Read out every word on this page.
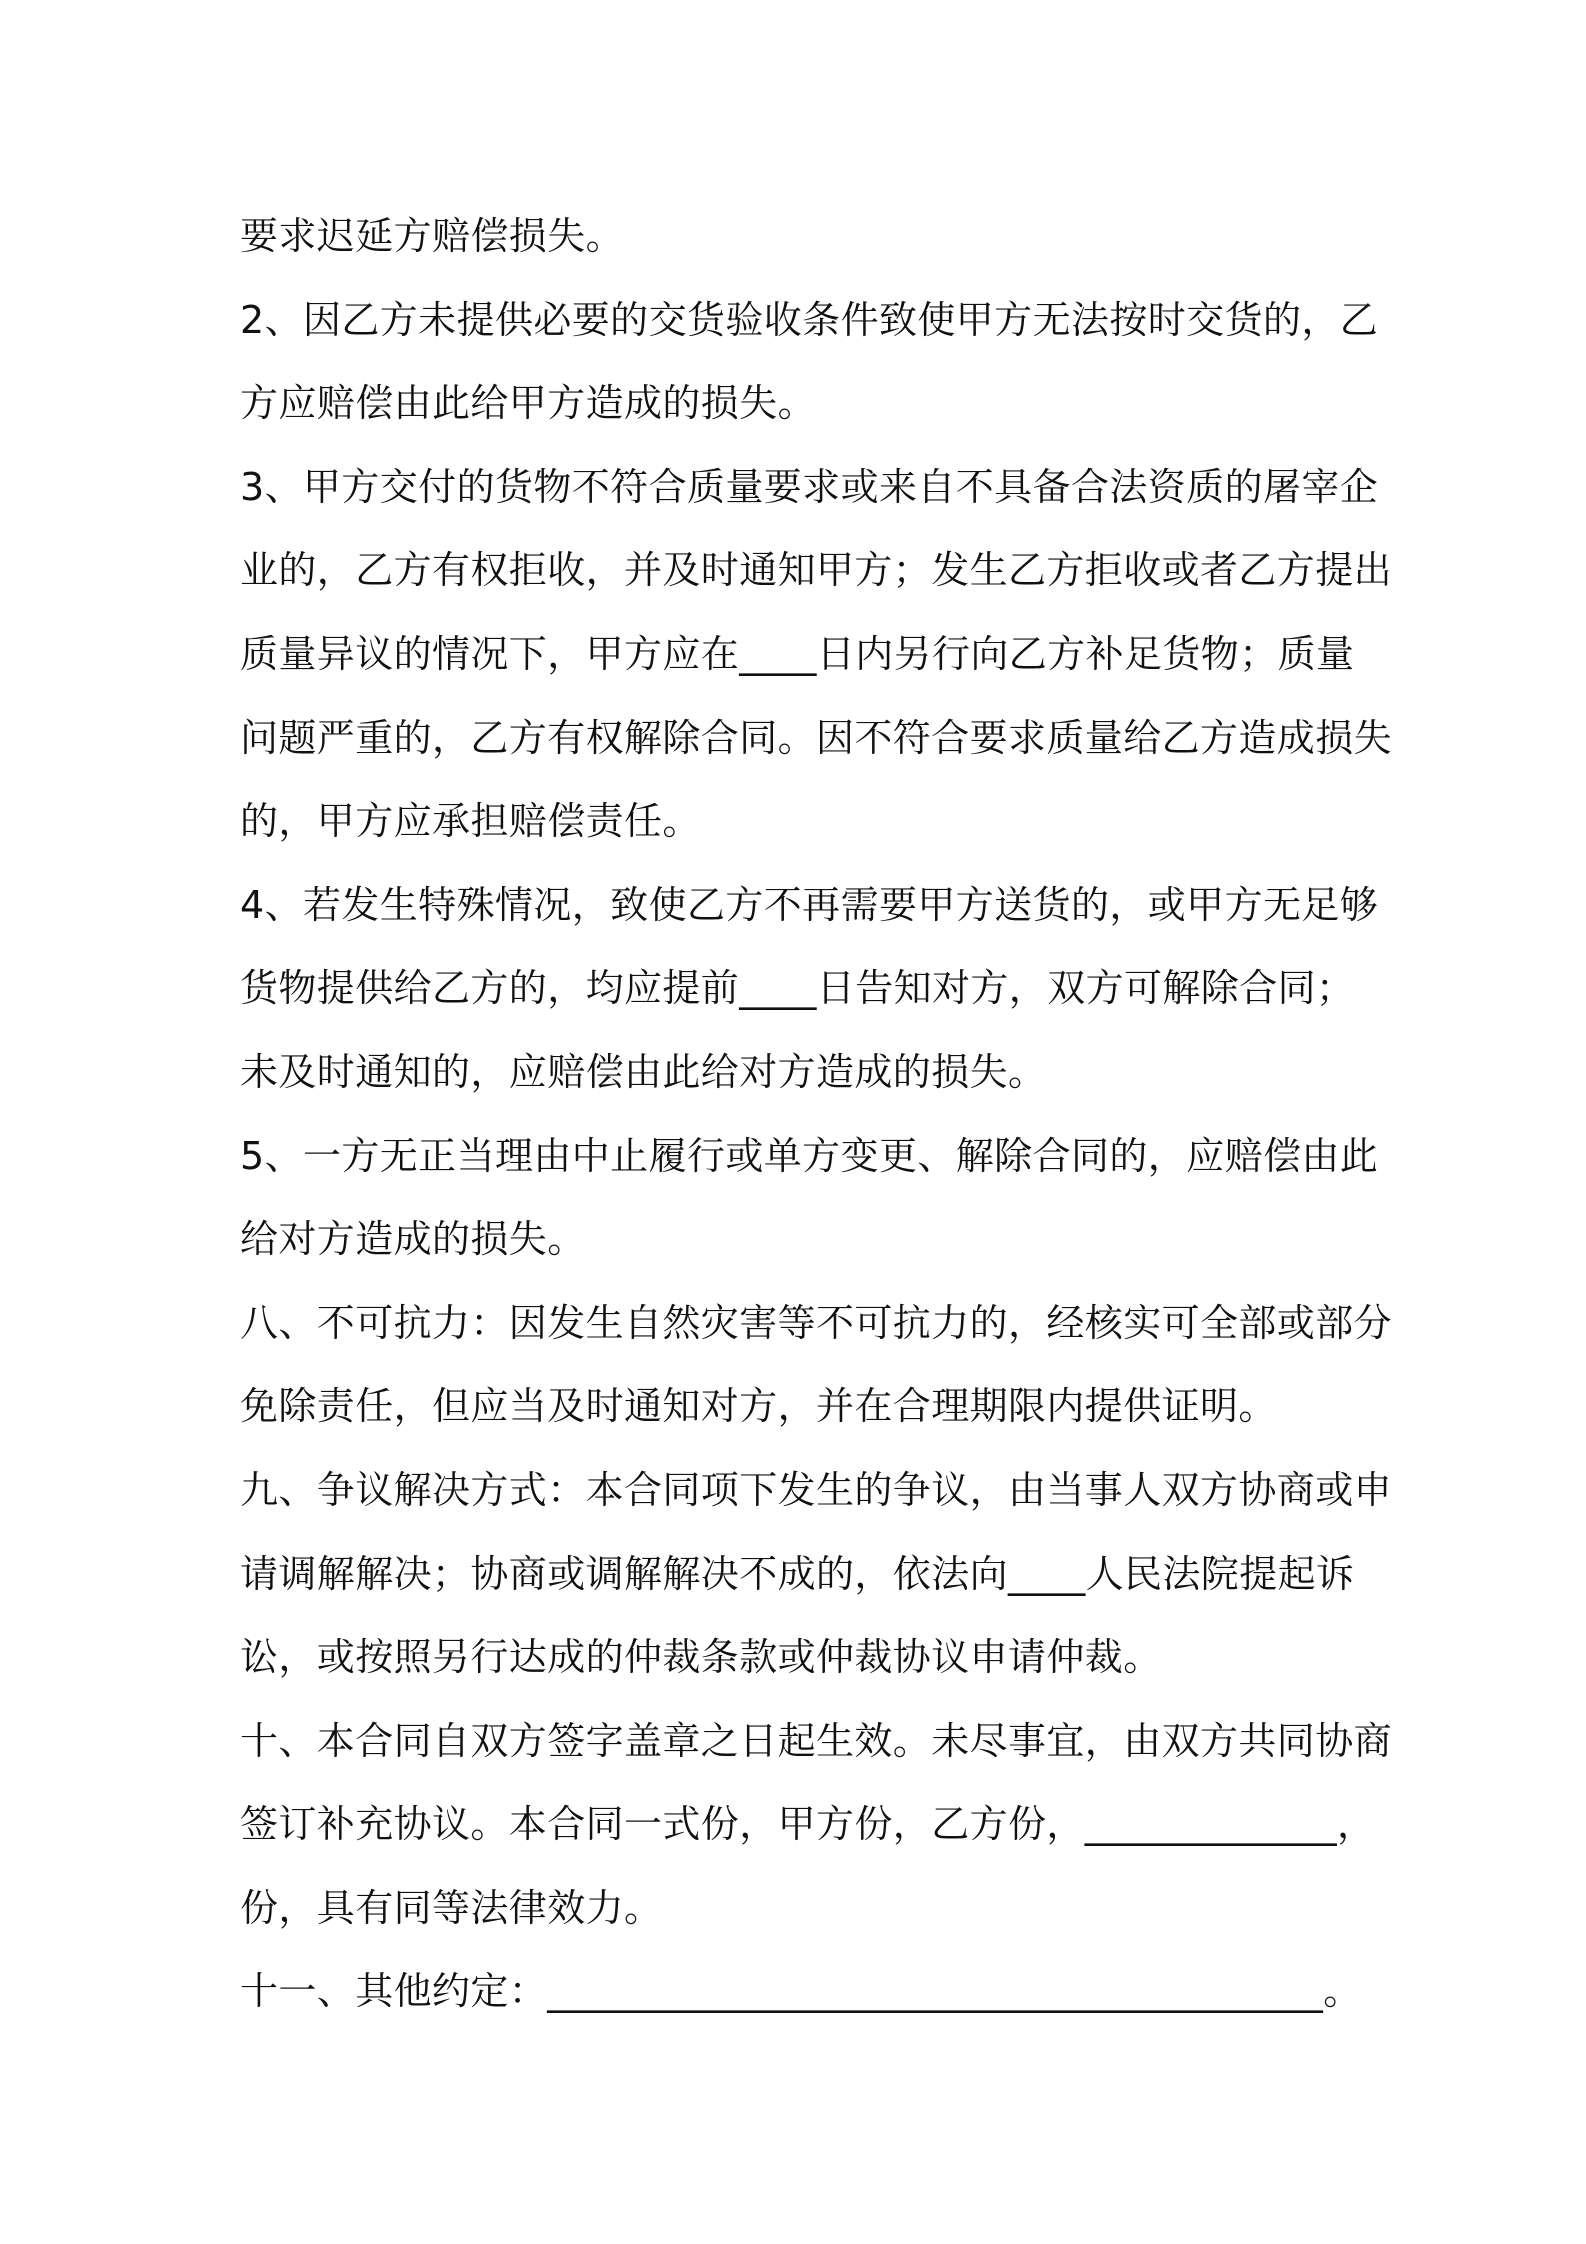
要求迟延方赔偿损失。
2、因乙方未提供必要的交货验收条件致使甲方无法按时交货的，乙
方应赔偿由此给甲方造成的损失。
3、甲方交付的货物不符合质量要求或来自不具备合法资质的屠宰企
业的，乙方有权拒收，并及时通知甲方；发生乙方拒收或者乙方提出
质量异议的情况下，甲方应在____日内另行向乙方补足货物；质量
问题严重的，乙方有权解除合同。因不符合要求质量给乙方造成损失
的，甲方应承担赔偿责任。
4、若发生特殊情况，致使乙方不再需要甲方送货的，或甲方无足够
货物提供给乙方的，均应提前____日告知对方，双方可解除合同；
未及时通知的，应赔偿由此给对方造成的损失。
5、一方无正当理由中止履行或单方变更、解除合同的，应赔偿由此
给对方造成的损失。
八、不可抗力：因发生自然灾害等不可抗力的，经核实可全部或部分
免除责任，但应当及时通知对方，并在合理期限内提供证明。
九、争议解决方式：本合同项下发生的争议，由当事人双方协商或申
请调解解决；协商或调解解决不成的，依法向____人民法院提起诉
讼，或按照另行达成的仲裁条款或仲裁协议申请仲裁。
十、本合同自双方签字盖章之日起生效。未尽事宜，由双方共同协商
签订补充协议。本合同一式份，甲方份，乙方份，_____________，
份，具有同等法律效力。
十一、其他约定：________________________________________。
